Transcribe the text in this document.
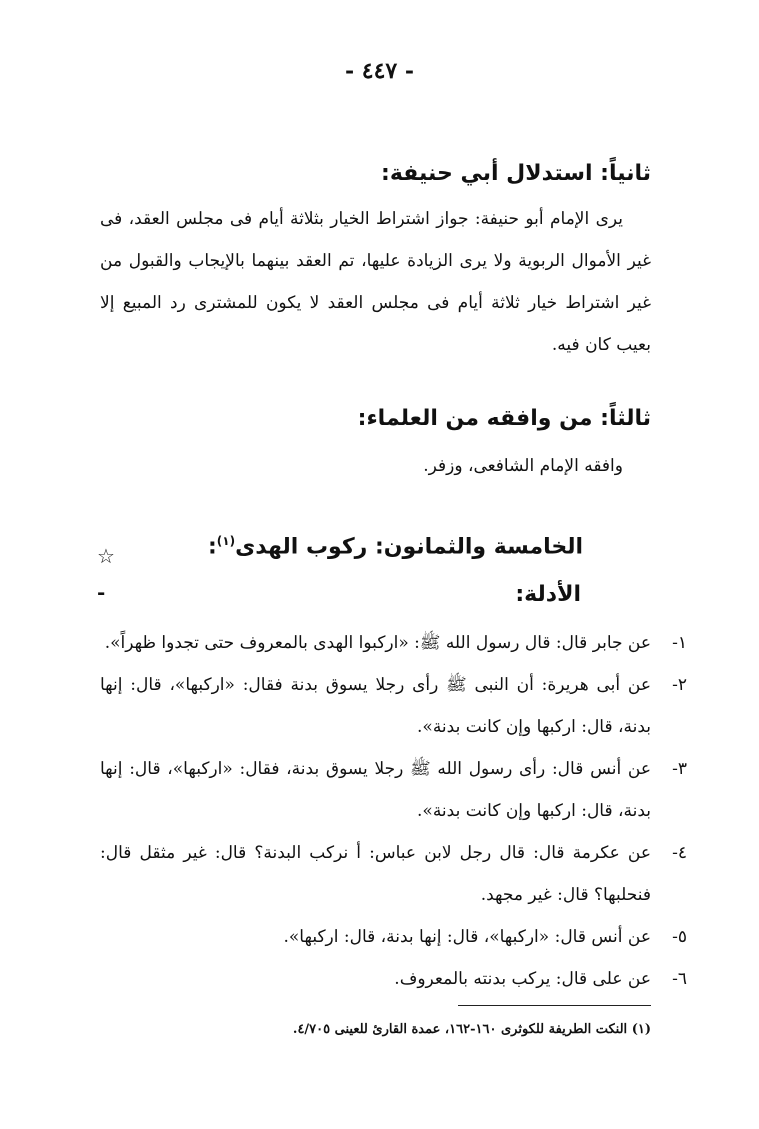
- ٤٤٧ -
ثانياً: استدلال أبي حنيفة:

يرى الإمام أبو حنيفة: جواز اشتراط الخيار بثلاثة أيام فى مجلس العقد، فى غير الأموال الربوية ولا يرى الزيادة عليها، تم العقد بينهما بالإيجاب والقبول من غير اشتراط خيار ثلاثة أيام فى مجلس العقد لا يكون للمشترى رد المبيع إلا بعيب كان فيه.

ثالثاً: من وافقه من العلماء:

وافقه الإمام الشافعى، وزفر.

الخامسة والثمانون: ركوب الهدى$^{(١)}$:
☆
الأدلة:
-
١-

عن جابر قال: قال رسول الله ﷺ: «اركبوا الهدى بالمعروف حتى تجدوا ظهراً».

٢-

عن أبى هريرة: أن النبى ﷺ رأى رجلا يسوق بدنة فقال: «اركبها»، قال: إنها بدنة، قال: اركبها وإن كانت بدنة».

٣-

عن أنس قال: رأى رسول الله ﷺ رجلا يسوق بدنة، فقال: «اركبها»، قال: إنها بدنة، قال: اركبها وإن كانت بدنة».

٤-

عن عكرمة قال: قال رجل لابن عباس: أ نركب البدنة؟ قال: غير مثقل قال: فنحلبها؟ قال: غير مجهد.

٥-

عن أنس قال: «اركبها»، قال: إنها بدنة، قال: اركبها».

٦-

عن على قال: يركب بدنته بالمعروف.

(١) النكت الطريفة للكوثرى ١٦٠-١٦٢، عمدة القارئ للعينى ٤/٧٠٥.
